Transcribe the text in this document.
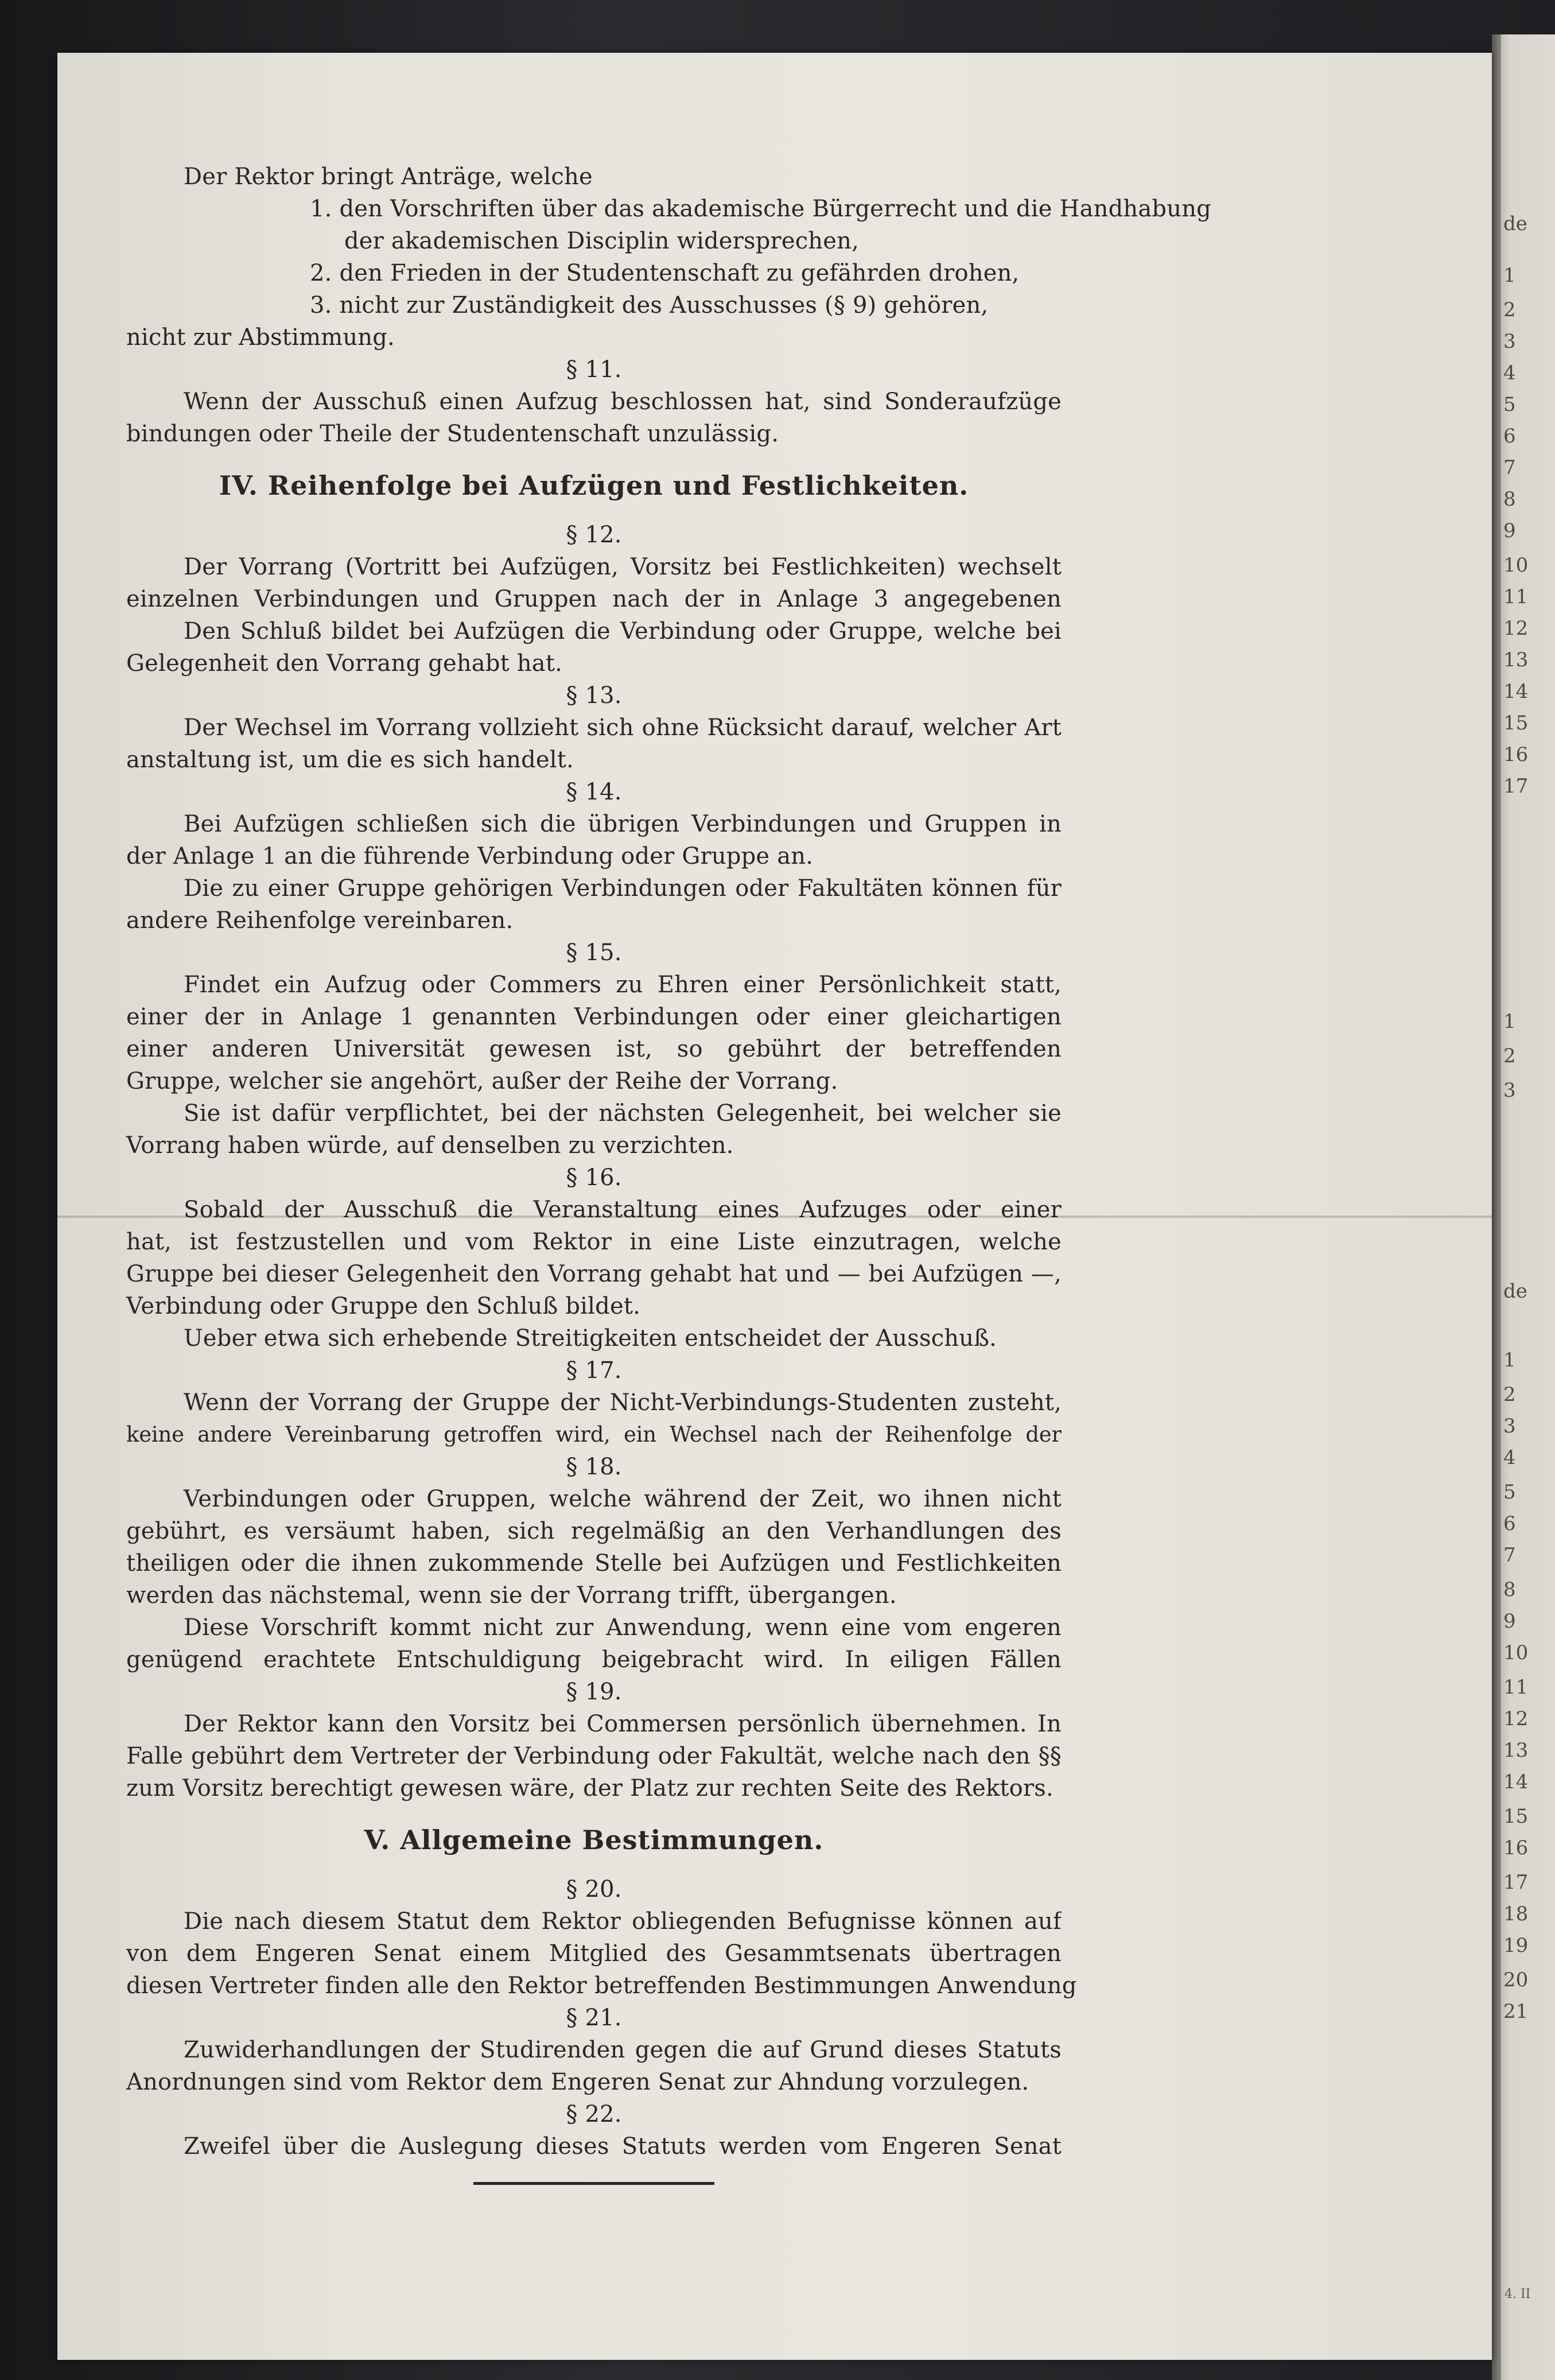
4. II
de
1
2
3
4
5
6
7
8
9
10
11
12
13
14
15
16
17
1
2
3
de
1
2
3
4
5
6
7
8
9
10
11
12
13
14
15
16
17
18
19
20
21
Der Rektor bringt Anträge, welche
1. den Vorschriften über das akademische Bürgerrecht und die Handhabung
der akademischen Disciplin widersprechen,
2. den Frieden in der Studentenschaft zu gefährden drohen,
3. nicht zur Zuständigkeit des Ausschusses (§ 9) gehören,
nicht zur Abstimmung.
§ 11.
Wenn der Ausschuß einen Aufzug beschlossen hat, sind Sonderaufzüge
bindungen oder Theile der Studentenschaft unzulässig.
IV. Reihenfolge bei Aufzügen und Festlichkeiten.
§ 12.
Der Vorrang (Vortritt bei Aufzügen, Vorsitz bei Festlichkeiten) wechselt
einzelnen Verbindungen und Gruppen nach der in Anlage 3 angegebenen
Den Schluß bildet bei Aufzügen die Verbindung oder Gruppe, welche bei
Gelegenheit den Vorrang gehabt hat.
§ 13.
Der Wechsel im Vorrang vollzieht sich ohne Rücksicht darauf, welcher Art
anstaltung ist, um die es sich handelt.
§ 14.
Bei Aufzügen schließen sich die übrigen Verbindungen und Gruppen in
der Anlage 1 an die führende Verbindung oder Gruppe an.
Die zu einer Gruppe gehörigen Verbindungen oder Fakultäten können für
andere Reihenfolge vereinbaren.
§ 15.
Findet ein Aufzug oder Commers zu Ehren einer Persönlichkeit statt,
einer der in Anlage 1 genannten Verbindungen oder einer gleichartigen
einer anderen Universität gewesen ist, so gebührt der betreffenden
Gruppe, welcher sie angehört, außer der Reihe der Vorrang.
Sie ist dafür verpflichtet, bei der nächsten Gelegenheit, bei welcher sie
Vorrang haben würde, auf denselben zu verzichten.
§ 16.
Sobald der Ausschuß die Veranstaltung eines Aufzuges oder einer
hat, ist festzustellen und vom Rektor in eine Liste einzutragen, welche
Gruppe bei dieser Gelegenheit den Vorrang gehabt hat und — bei Aufzügen —,
Verbindung oder Gruppe den Schluß bildet.
Ueber etwa sich erhebende Streitigkeiten entscheidet der Ausschuß.
§ 17.
Wenn der Vorrang der Gruppe der Nicht-Verbindungs-Studenten zusteht,
keine andere Vereinbarung getroffen wird, ein Wechsel nach der Reihenfolge der
§ 18.
Verbindungen oder Gruppen, welche während der Zeit, wo ihnen nicht
gebührt, es versäumt haben, sich regelmäßig an den Verhandlungen des
theiligen oder die ihnen zukommende Stelle bei Aufzügen und Festlichkeiten
werden das nächstemal, wenn sie der Vorrang trifft, übergangen.
Diese Vorschrift kommt nicht zur Anwendung, wenn eine vom engeren
genügend erachtete Entschuldigung beigebracht wird. In eiligen Fällen
§ 19.
Der Rektor kann den Vorsitz bei Commersen persönlich übernehmen. In
Falle gebührt dem Vertreter der Verbindung oder Fakultät, welche nach den §§
zum Vorsitz berechtigt gewesen wäre, der Platz zur rechten Seite des Rektors.
V. Allgemeine Bestimmungen.
§ 20.
Die nach diesem Statut dem Rektor obliegenden Befugnisse können auf
von dem Engeren Senat einem Mitglied des Gesammtsenats übertragen
diesen Vertreter finden alle den Rektor betreffenden Bestimmungen Anwendung
§ 21.
Zuwiderhandlungen der Studirenden gegen die auf Grund dieses Statuts
Anordnungen sind vom Rektor dem Engeren Senat zur Ahndung vorzulegen.
§ 22.
Zweifel über die Auslegung dieses Statuts werden vom Engeren Senat
